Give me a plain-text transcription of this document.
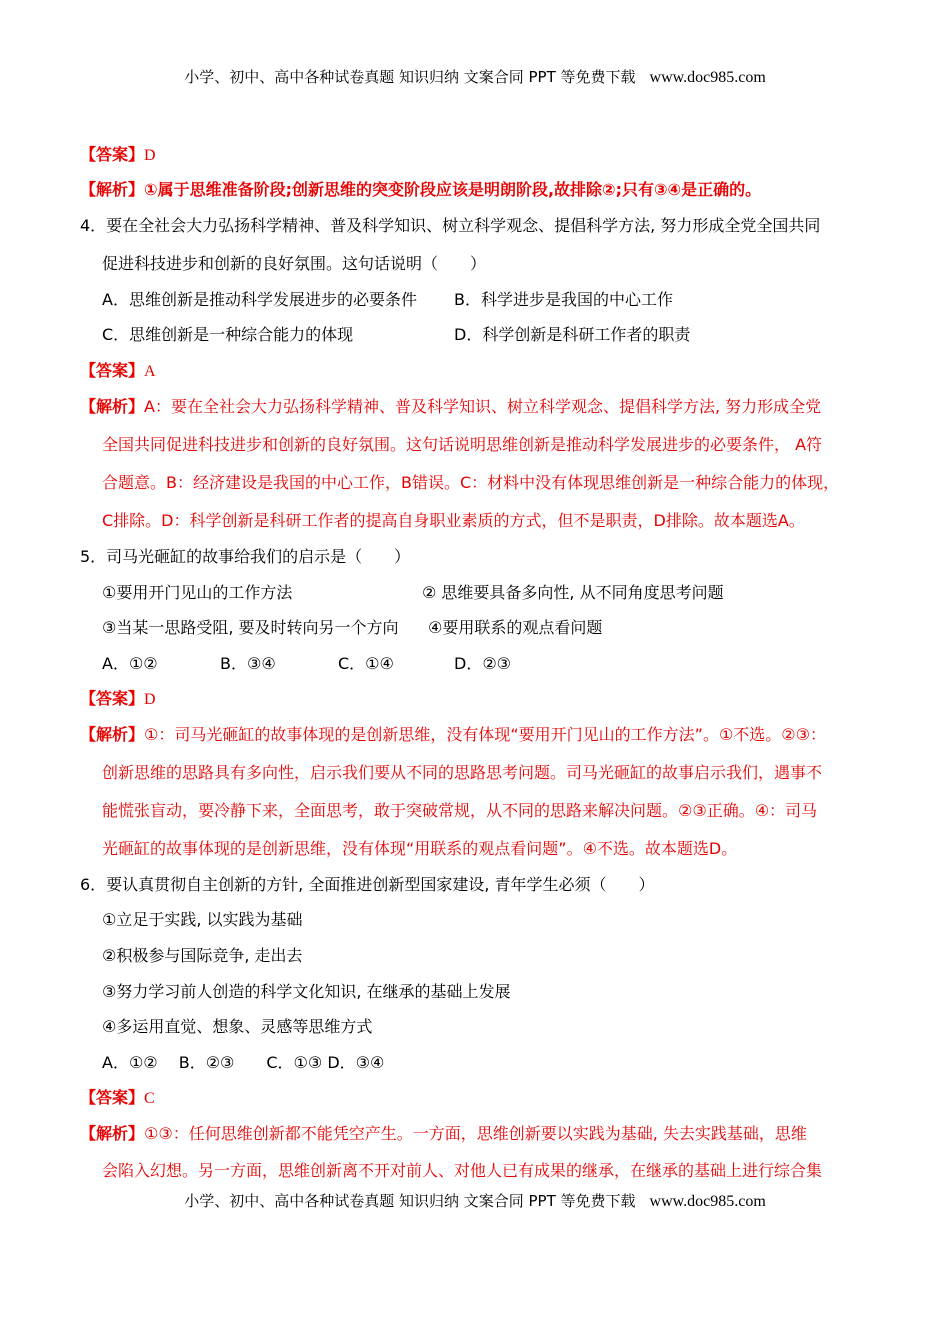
小学、初中、高中各种试卷真题 知识归纳 文案合同 PPT 等免费下载 www.doc985.com
【答案】D
【解析】①属于思维准备阶段;创新思维的突变阶段应该是明朗阶段,故排除②;只有③④是正确的。
4．要在全社会大力弘扬科学精神、普及科学知识、树立科学观念、提倡科学方法, 努力形成全党全国共同
促进科技进步和创新的良好氛围。这句话说明（　　）
A．思维创新是推动科学发展进步的必要条件 B．科学进步是我国的中心工作
C．思维创新是一种综合能力的体现	D．科学创新是科研工作者的职责
【答案】A
【解析】A：要在全社会大力弘扬科学精神、普及科学知识、树立科学观念、提倡科学方法, 努力形成全党
全国共同促进科技进步和创新的良好氛围。这句话说明思维创新是推动科学发展进步的必要条件， A符
合题意。B：经济建设是我国的中心工作，B错误。C：材料中没有体现思维创新是一种综合能力的体现，
C排除。D：科学创新是科研工作者的提高自身职业素质的方式，但不是职责，D排除。故本题选A。
5．司马光砸缸的故事给我们的启示是（　　）
①要用开门见山的工作方法	② 思维要具备多向性, 从不同角度思考问题
③当某一思路受阻, 要及时转向另一个方向 ④要用联系的观点看问题
A．①②	B．③④	C．①④	D．②③
【答案】D
【解析】①：司马光砸缸的故事体现的是创新思维，没有体现“要用开门见山的工作方法”。①不选。②③：
创新思维的思路具有多向性，启示我们要从不同的思路思考问题。司马光砸缸的故事启示我们，遇事不
能慌张盲动，要冷静下来，全面思考，敢于突破常规，从不同的思路来解决问题。②③正确。④：司马
光砸缸的故事体现的是创新思维，没有体现“用联系的观点看问题”。④不选。故本题选D。
6．要认真贯彻自主创新的方针, 全面推进创新型国家建设, 青年学生必须（　　）
①立足于实践, 以实践为基础
②积极参与国际竞争, 走出去
③努力学习前人创造的科学文化知识, 在继承的基础上发展
④多运用直觉、想象、灵感等思维方式
A．①②　 B．②③　　C．①③ D．③④
【答案】C
【解析】①③：任何思维创新都不能凭空产生。一方面，思维创新要以实践为基础, 失去实践基础，思维
会陷入幻想。另一方面，思维创新离不开对前人、对他人已有成果的继承，在继承的基础上进行综合集
小学、初中、高中各种试卷真题 知识归纳 文案合同 PPT 等免费下载 www.doc985.com
